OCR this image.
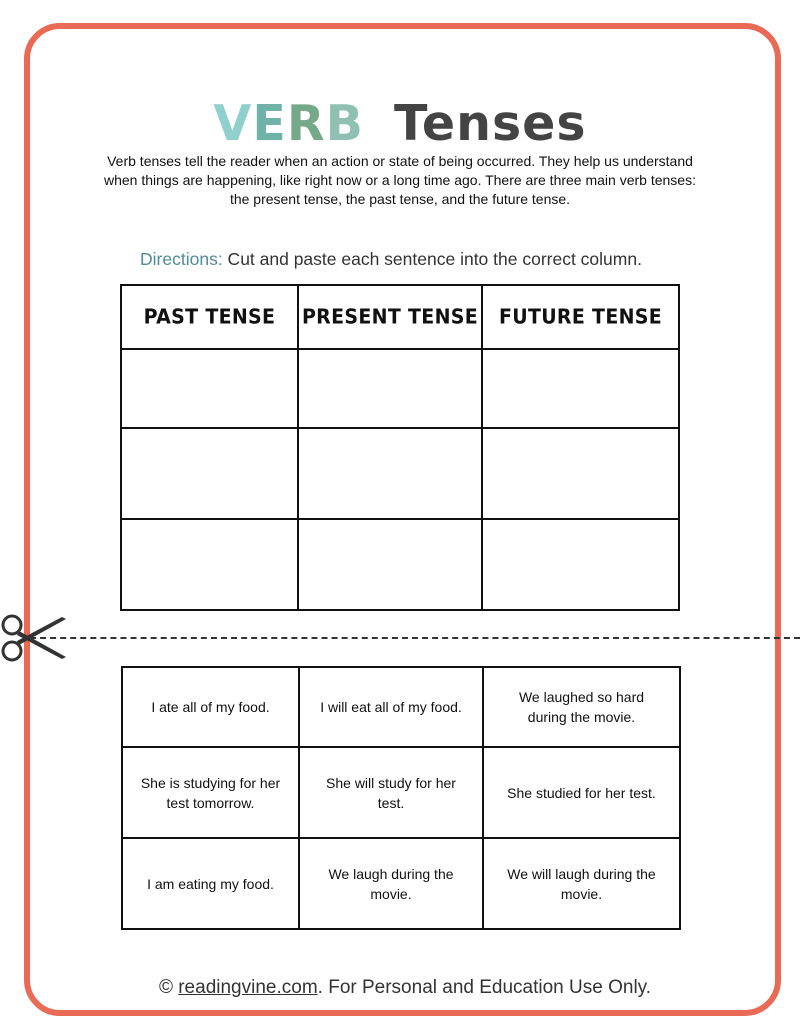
VERB Tenses
Verb tenses tell the reader when an action or state of being occurred. They help us understand when things are happening, like right now or a long time ago. There are three main verb tenses: the present tense, the past tense, and the future tense.
Directions: Cut and paste each sentence into the correct column.
PAST TENSE	PRESENT TENSE	FUTURE TENSE

I ate all of my food.	I will eat all of my food.	We laughed so hard during the movie.
She is studying for her test tomorrow.	She will study for her test.	She studied for her test.
I am eating my food.	We laugh during the movie.	We will laugh during the movie.
© readingvine.com. For Personal and Education Use Only.
